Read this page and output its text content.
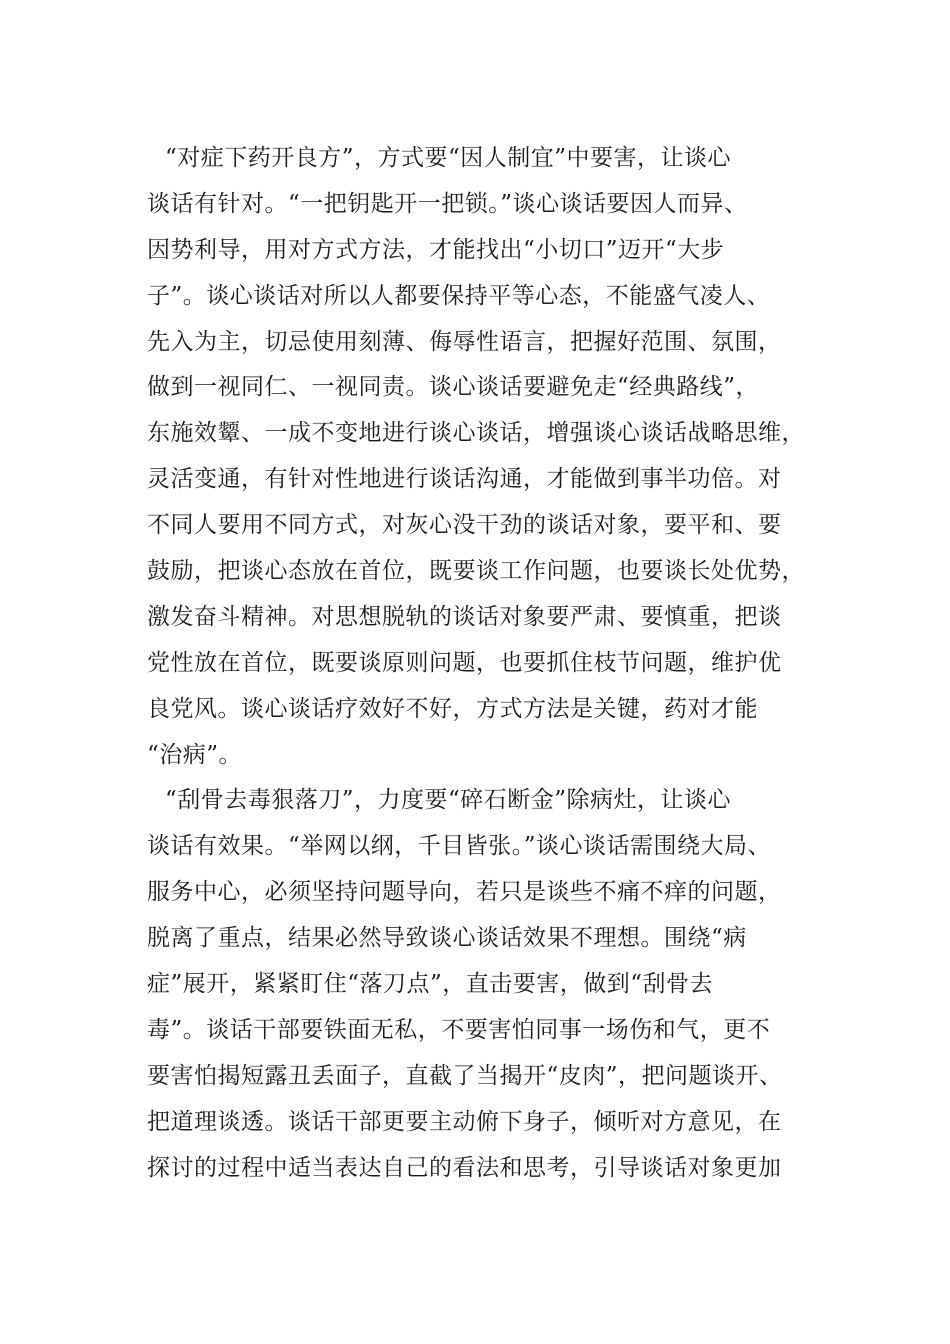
“对症下药开良方”，方式要“因人制宜”中要害，让谈心
谈话有针对。“一把钥匙开一把锁。”谈心谈话要因人而异、
因势利导，用对方式方法，才能找出“小切口”迈开“大步
子”。谈心谈话对所以人都要保持平等心态，不能盛气凌人、
先入为主，切忌使用刻薄、侮辱性语言，把握好范围、氛围，
做到一视同仁、一视同责。谈心谈话要避免走“经典路线”，
东施效颦、一成不变地进行谈心谈话，增强谈心谈话战略思维，
灵活变通，有针对性地进行谈话沟通，才能做到事半功倍。对
不同人要用不同方式，对灰心没干劲的谈话对象，要平和、要
鼓励，把谈心态放在首位，既要谈工作问题，也要谈长处优势，
激发奋斗精神。对思想脱轨的谈话对象要严肃、要慎重，把谈
党性放在首位，既要谈原则问题，也要抓住枝节问题，维护优
良党风。谈心谈话疗效好不好，方式方法是关键，药对才能
“治病”。
“刮骨去毒狠落刀”，力度要“碎石断金”除病灶，让谈心
谈话有效果。“举网以纲，千目皆张。”谈心谈话需围绕大局、
服务中心，必须坚持问题导向，若只是谈些不痛不痒的问题，
脱离了重点，结果必然导致谈心谈话效果不理想。围绕“病
症”展开，紧紧盯住“落刀点”，直击要害，做到“刮骨去
毒”。谈话干部要铁面无私，不要害怕同事一场伤和气，更不
要害怕揭短露丑丢面子，直截了当揭开“皮肉”，把问题谈开、
把道理谈透。谈话干部更要主动俯下身子，倾听对方意见，在
探讨的过程中适当表达自己的看法和思考，引导谈话对象更加
